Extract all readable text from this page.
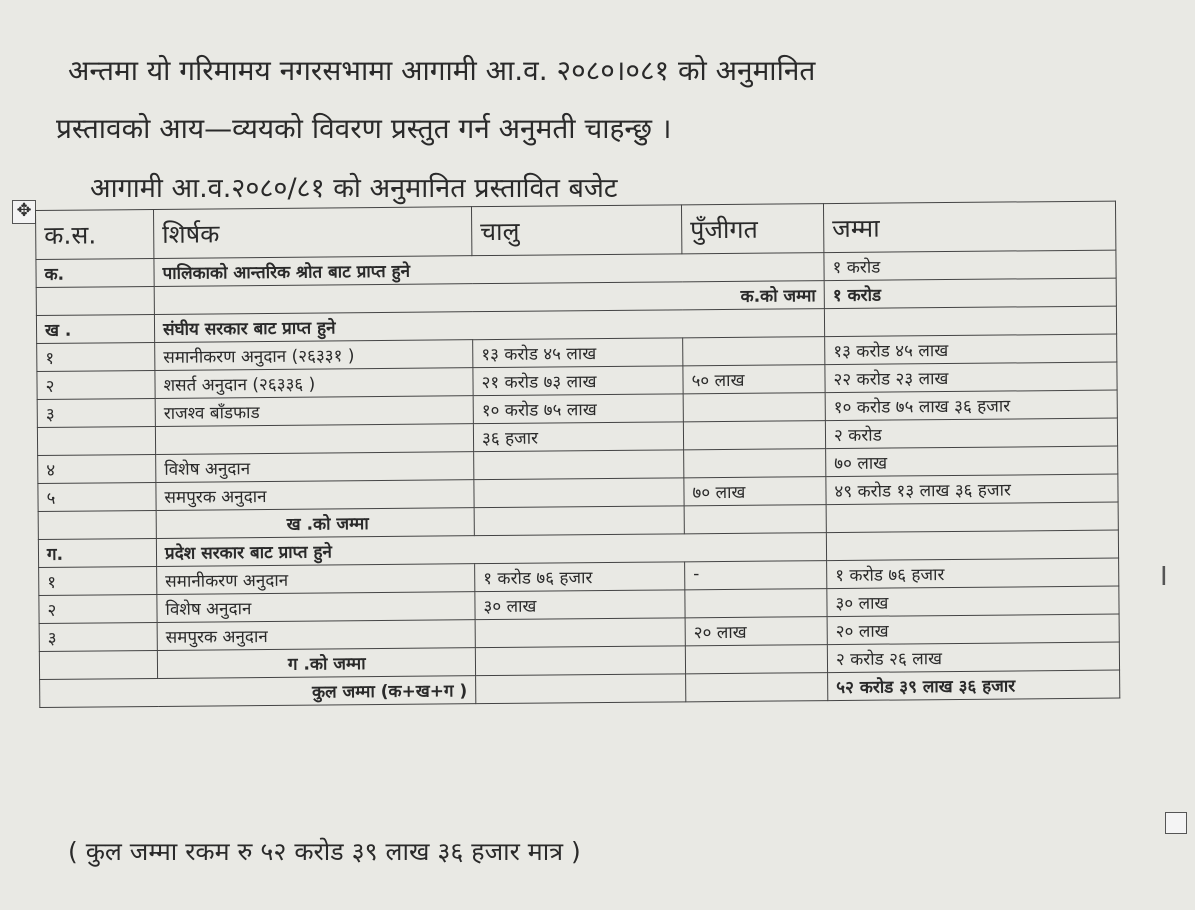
अन्तमा यो गरिमामय नगरसभामा आगामी आ.व. २०८०।०८१ को अनुमानित
प्रस्तावको आय—व्ययको विवरण प्रस्तुत गर्न अनुमती चाहन्छु ।
✥
आगामी आ.व.२०८०/८१ को अनुमानित प्रस्तावित बजेट
क.स.	शिर्षक	चालु	पुँजीगत	जम्मा
क.	पालिकाको आन्तरिक श्रोत बाट प्राप्त हुने			१ करोड
	क.को जम्मा			१ करोड
ख .	संघीय सरकार बाट प्राप्त हुने			
१	समानीकरण अनुदान (२६३३१ )	१३ करोड ४५ लाख		१३ करोड ४५ लाख
२	शसर्त अनुदान (२६३३६ )	२१ करोड ७३ लाख	५० लाख	२२ करोड २३ लाख
३	राजश्व बाँडफाड	१० करोड ७५ लाख		१० करोड ७५ लाख ३६ हजार
		३६ हजार		२ करोड
४	विशेष अनुदान			७० लाख
५	समपुरक अनुदान		७० लाख	४९ करोड १३ लाख ३६ हजार
	ख .को जम्मा			
ग.	प्रदेश सरकार बाट प्राप्त हुने			
१	समानीकरण अनुदान	१ करोड ७६ हजार	-	१ करोड ७६ हजार
२	विशेष अनुदान	३० लाख		३० लाख
३	समपुरक अनुदान		२० लाख	२० लाख
	ग .को जम्मा			२ करोड २६ लाख
कुल जम्मा (क+ख+ग )				५२ करोड ३९ लाख ३६ हजार
I
( कुल जम्मा रकम रु ५२ करोड ३९ लाख ३६ हजार मात्र )
